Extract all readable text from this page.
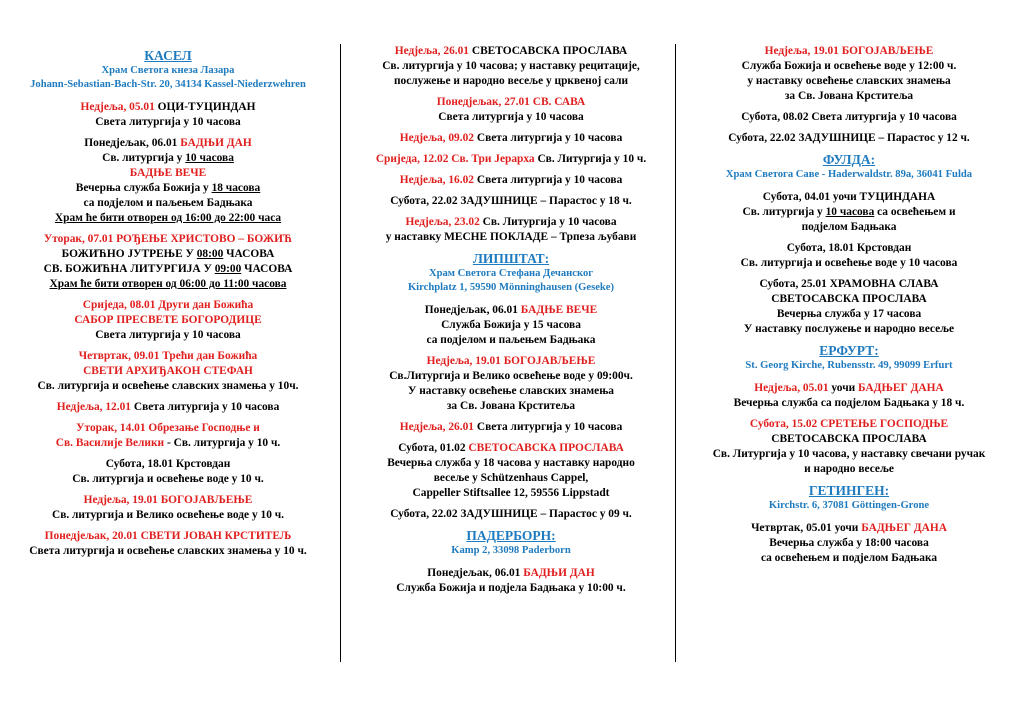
КАСЕЛ
Храм Светога кнеза Лазара
Johann-Sebastian-Bach-Str. 20, 34134 Kassel-Niederzwehren
Недјеља, 05.01 ОЦИ-ТУЦИНДАН
Света литургија у 10 часова
Понедјељак, 06.01 БАДЊИ ДАН
Св. литургија у 10 часова
БАДЊЕ ВЕЧЕ
Вечерња служба Божија у 18 часова
са подјелом и паљењем Бадњака
Храм ће бити отворен од 16:00 до 22:00 часа
Уторак, 07.01 РОЂЕЊЕ ХРИСТОВО – БОЖИЋ
БОЖИЋНО ЈУТРЕЊЕ У 08:00 ЧАСОВА
СВ. БОЖИЋНА ЛИТУРГИЈА У 09:00 ЧАСОВА
Храм ће бити отворен од 06:00 до 11:00 часова
Сриједа, 08.01 Други дан Божића
САБОР ПРЕСВЕТЕ БОГОРОДИЦЕ
Света литургија у 10 часова
Четвртак, 09.01 Трећи дан Божића
СВЕТИ АРХИЂАКОН СТЕФАН
Св. литургија и освећење славских знамења у 10ч.
Недјеља, 12.01 Света литургија у 10 часова
Уторак, 14.01 Обрезање Господње и
Св. Василије Велики - Св. литургија у 10 ч.
Субота, 18.01 Крстовдан
Св. литургија и освећење воде у 10 ч.
Недјеља, 19.01 БОГОЈАВЉЕЊЕ
Св. литургија и Велико освећење воде у 10 ч.
Понедјељак, 20.01 СВЕТИ ЈОВАН КРСТИТЕЉ
Света литургија и освећење славских знамења у 10 ч.
Недјеља, 26.01 СВЕТОСАВСКА ПРОСЛАВА
Св. литургија у 10 часова; у наставку рецитације,
послужење и народно весеље у црквеној сали
Понедјељак, 27.01 СВ. САВА
Света литургија у 10 часова
Недјеља, 09.02 Света литургија у 10 часова
Сриједа, 12.02 Св. Три Јерарха Св. Литургија у 10 ч.
Недјеља, 16.02 Света литургија у 10 часова
Субота, 22.02 ЗАДУШНИЦЕ – Парастос у 18 ч.
Недјеља, 23.02 Св. Литургија у 10 часова
у наставку МЕСНЕ ПОКЛАДЕ – Трпеза љубави
ЛИПШТАТ:
Храм Светога Стефана Дечанског
Kirchplatz 1, 59590 Mönninghausen (Geseke)
Понедјељак, 06.01 БАДЊЕ ВЕЧЕ
Служба Божија у 15 часова
са подјелом и паљењем Бадњака
Недјеља, 19.01 БОГОЈАВЉЕЊЕ
Св.Литургија и Велико освећење воде у 09:00ч.
У наставку освећење славских знамења
за Св. Јована Крститеља
Недјеља, 26.01 Света литургија у 10 часова
Субота, 01.02 СВЕТОСАВСКА ПРОСЛАВА
Вечерња служба у 18 часова у наставку народно
весеље у Schützenhaus Cappel,
Cappeller Stiftsallee 12, 59556 Lippstadt
Субота, 22.02 ЗАДУШНИЦЕ – Парастос у 09 ч.
ПАДЕРБОРН:
Kamp 2, 33098 Paderborn
Понедјељак, 06.01 БАДЊИ ДАН
Служба Божија и подјела Бадњака у 10:00 ч.
Недјеља, 19.01 БОГОЈАВЉЕЊЕ
Служба Божија и освећење воде у 12:00 ч.
у наставку освећење славских знамења
за Св. Јована Крститеља
Субота, 08.02 Света литургија у 10 часова
Субота, 22.02 ЗАДУШНИЦЕ – Парастос у 12 ч.
ФУЛДА:
Храм Светога Саве - Haderwaldstr. 89a, 36041 Fulda
Субота, 04.01 уочи ТУЦИНДАНА
Св. литургија у 10 часова са освећењем и
подјелом Бадњака
Субота, 18.01 Крстовдан
Св. литургија и освећење воде у 10 часова
Субота, 25.01 ХРАМОВНА СЛАВА
СВЕТОСАВСКА ПРОСЛАВА
Вечерња служба у 17 часова
У наставку послужење и народно весеље
ЕРФУРТ:
St. Georg Kirche, Rubensstr. 49, 99099 Erfurt
Недјеља, 05.01 уочи БАДЊЕГ ДАНА
Вечерња служба са подјелом Бадњака у 18 ч.
Субота, 15.02 СРЕТЕЊЕ ГОСПОДЊЕ
СВЕТОСАВСКА ПРОСЛАВА
Св. Литургија у 10 часова, у наставку свечани ручак
и народно весеље
ГЕТИНГЕН:
Kirchstr. 6, 37081 Göttingen-Grone
Четвртак, 05.01 уочи БАДЊЕГ ДАНА
Вечерња служба у 18:00 часова
са освећењем и подјелом Бадњака
